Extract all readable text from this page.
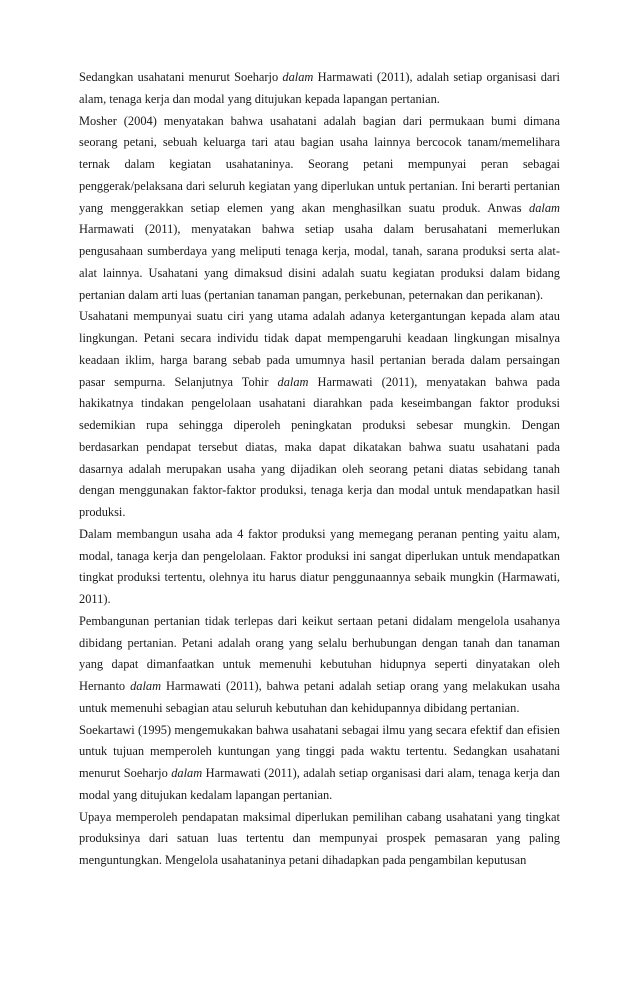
Sedangkan usahatani menurut Soeharjo dalam Harmawati (2011), adalah setiap organisasi dari alam, tenaga kerja dan modal yang ditujukan kepada lapangan pertanian.

Mosher (2004) menyatakan bahwa usahatani adalah bagian dari permukaan bumi dimana seorang petani, sebuah keluarga tari atau bagian usaha lainnya bercocok tanam/memelihara ternak dalam kegiatan usahataninya. Seorang petani mempunyai peran sebagai penggerak/pelaksana dari seluruh kegiatan yang diperlukan untuk pertanian. Ini berarti pertanian yang menggerakkan setiap elemen yang akan menghasilkan suatu produk. Anwas dalam Harmawati (2011), menyatakan bahwa setiap usaha dalam berusahatani memerlukan pengusahaan sumberdaya yang meliputi tenaga kerja, modal, tanah, sarana produksi serta alat-alat lainnya. Usahatani yang dimaksud disini adalah suatu kegiatan produksi dalam bidang pertanian dalam arti luas (pertanian tanaman pangan, perkebunan, peternakan dan perikanan).

Usahatani mempunyai suatu ciri yang utama adalah adanya ketergantungan kepada alam atau lingkungan. Petani secara individu tidak dapat mempengaruhi keadaan lingkungan misalnya keadaan iklim, harga barang sebab pada umumnya hasil pertanian berada dalam persaingan pasar sempurna. Selanjutnya Tohir dalam Harmawati (2011), menyatakan bahwa pada hakikatnya tindakan pengelolaan usahatani diarahkan pada keseimbangan faktor produksi sedemikian rupa sehingga diperoleh peningkatan produksi sebesar mungkin. Dengan berdasarkan pendapat tersebut diatas, maka dapat dikatakan bahwa suatu usahatani pada dasarnya adalah merupakan usaha yang dijadikan oleh seorang petani diatas sebidang tanah dengan menggunakan faktor-faktor produksi, tenaga kerja dan modal untuk mendapatkan hasil produksi.

Dalam membangun usaha ada 4 faktor produksi yang memegang peranan penting yaitu alam, modal, tanaga kerja dan pengelolaan. Faktor produksi ini sangat diperlukan untuk mendapatkan tingkat produksi tertentu, olehnya itu harus diatur penggunaannya sebaik mungkin (Harmawati, 2011).

Pembangunan pertanian tidak terlepas dari keikut sertaan petani didalam mengelola usahanya dibidang pertanian. Petani adalah orang yang selalu berhubungan dengan tanah dan tanaman yang dapat dimanfaatkan untuk memenuhi kebutuhan hidupnya seperti dinyatakan oleh Hernanto dalam Harmawati (2011), bahwa petani adalah setiap orang yang melakukan usaha untuk memenuhi sebagian atau seluruh kebutuhan dan kehidupannya dibidang pertanian.

Soekartawi (1995) mengemukakan bahwa usahatani sebagai ilmu yang secara efektif dan efisien untuk tujuan memperoleh kuntungan yang tinggi pada waktu tertentu. Sedangkan usahatani menurut Soeharjo dalam Harmawati (2011), adalah setiap organisasi dari alam, tenaga kerja dan modal yang ditujukan kedalam lapangan pertanian.

Upaya memperoleh pendapatan maksimal diperlukan pemilihan cabang usahatani yang tingkat produksinya dari satuan luas tertentu dan mempunyai prospek pemasaran yang paling menguntungkan. Mengelola usahataninya petani dihadapkan pada pengambilan keputusan
